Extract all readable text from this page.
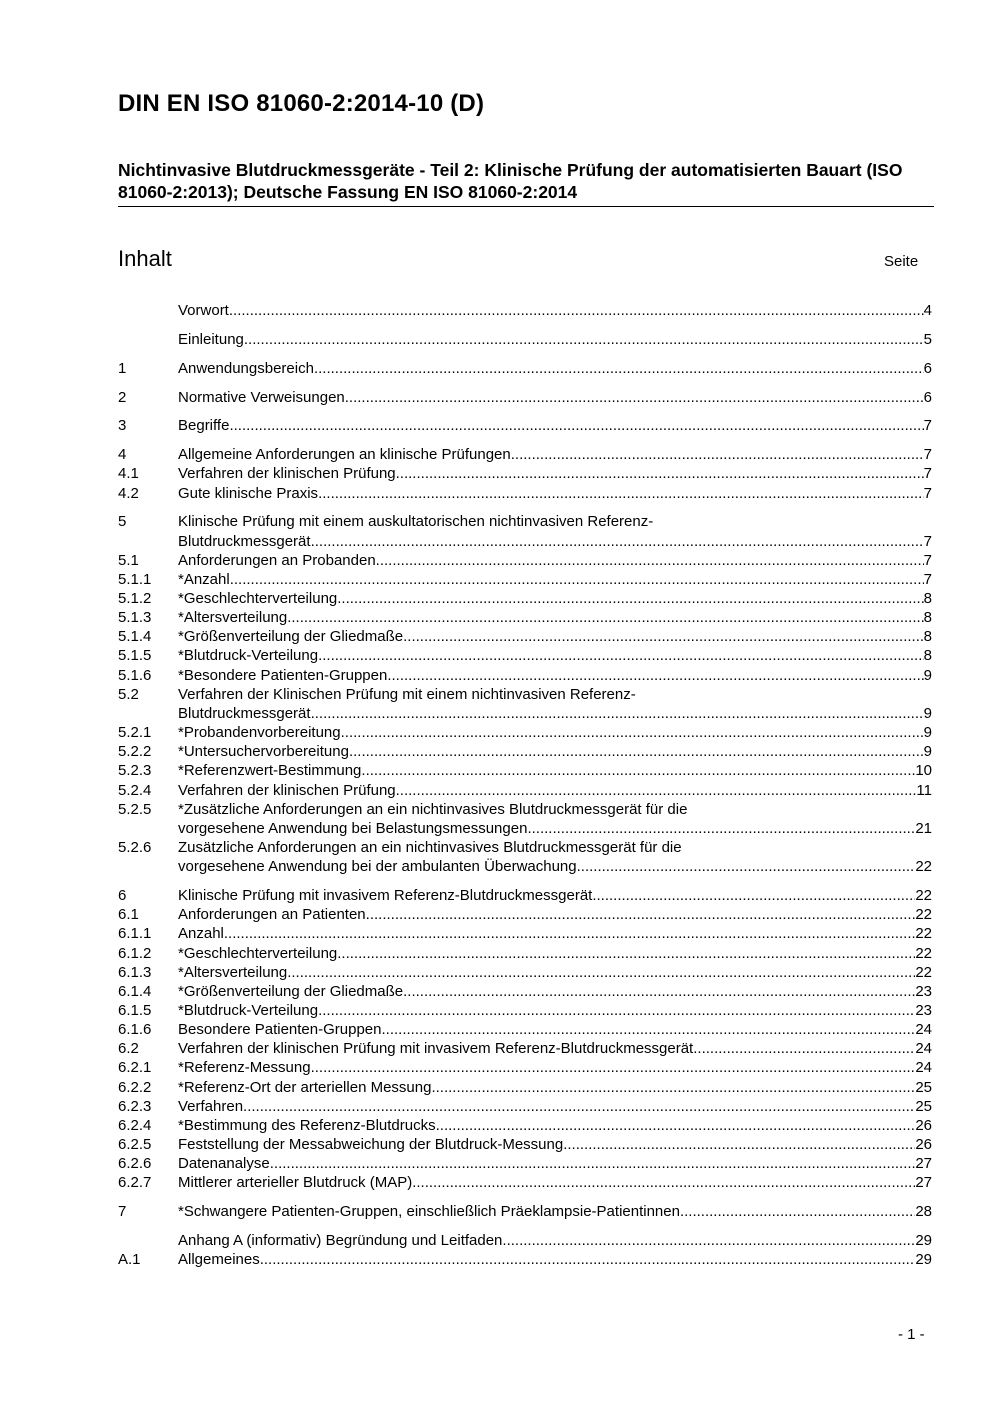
DIN EN ISO 81060-2:2014-10 (D)
Nichtinvasive Blutdruckmessgeräte - Teil 2: Klinische Prüfung der automatisierten Bauart (ISO 81060-2:2013); Deutsche Fassung EN ISO 81060-2:2014
Inhalt	Seite
Vorwort .....	4
Einleitung .....	5
1	Anwendungsbereich .....	6
2	Normative Verweisungen .....	6
3	Begriffe .....	7
4	Allgemeine Anforderungen an klinische Prüfungen .....	7
4.1	Verfahren der klinischen Prüfung .....	7
4.2	Gute klinische Praxis .....	7
5	Klinische Prüfung mit einem auskultatorischen nichtinvasiven Referenz-
Blutdruckmessgerät .....	7
5.1	Anforderungen an Probanden .....	7
5.1.1	*Anzahl .....	7
5.1.2	*Geschlechterverteilung .....	8
5.1.3	*Altersverteilung .....	8
5.1.4	*Größenverteilung der Gliedmaße .....	8
5.1.5	*Blutdruck-Verteilung .....	8
5.1.6	*Besondere Patienten-Gruppen .....	9
5.2	Verfahren der Klinischen Prüfung mit einem nichtinvasiven Referenz-
Blutdruckmessgerät .....	9
5.2.1	*Probandenvorbereitung .....	9
5.2.2	*Untersuchervorbereitung .....	9
5.2.3	*Referenzwert-Bestimmung .....	10
5.2.4	Verfahren der klinischen Prüfung .....	11
5.2.5	*Zusätzliche Anforderungen an ein nichtinvasives Blutdruckmessgerät für die
vorgesehene Anwendung bei Belastungsmessungen .....	21
5.2.6	Zusätzliche Anforderungen an ein nichtinvasives Blutdruckmessgerät für die
vorgesehene Anwendung bei der ambulanten Überwachung .....	22
6	Klinische Prüfung mit invasivem Referenz-Blutdruckmessgerät .....	22
6.1	Anforderungen an Patienten .....	22
6.1.1	Anzahl .....	22
6.1.2	*Geschlechterverteilung .....	22
6.1.3	*Altersverteilung .....	22
6.1.4	*Größenverteilung der Gliedmaße .....	23
6.1.5	*Blutdruck-Verteilung .....	23
6.1.6	Besondere Patienten-Gruppen .....	24
6.2	Verfahren der klinischen Prüfung mit invasivem Referenz-Blutdruckmessgerät .....	24
6.2.1	*Referenz-Messung .....	24
6.2.2	*Referenz-Ort der arteriellen Messung .....	25
6.2.3	Verfahren .....	25
6.2.4	*Bestimmung des Referenz-Blutdrucks .....	26
6.2.5	Feststellung der Messabweichung der Blutdruck-Messung .....	26
6.2.6	Datenanalyse .....	27
6.2.7	Mittlerer arterieller Blutdruck (MAP) .....	27
7	*Schwangere Patienten-Gruppen, einschließlich Präeklampsie-Patientinnen .....	28
Anhang A (informativ) Begründung und Leitfaden .....	29
A.1	Allgemeines .....	29
- 1 -
